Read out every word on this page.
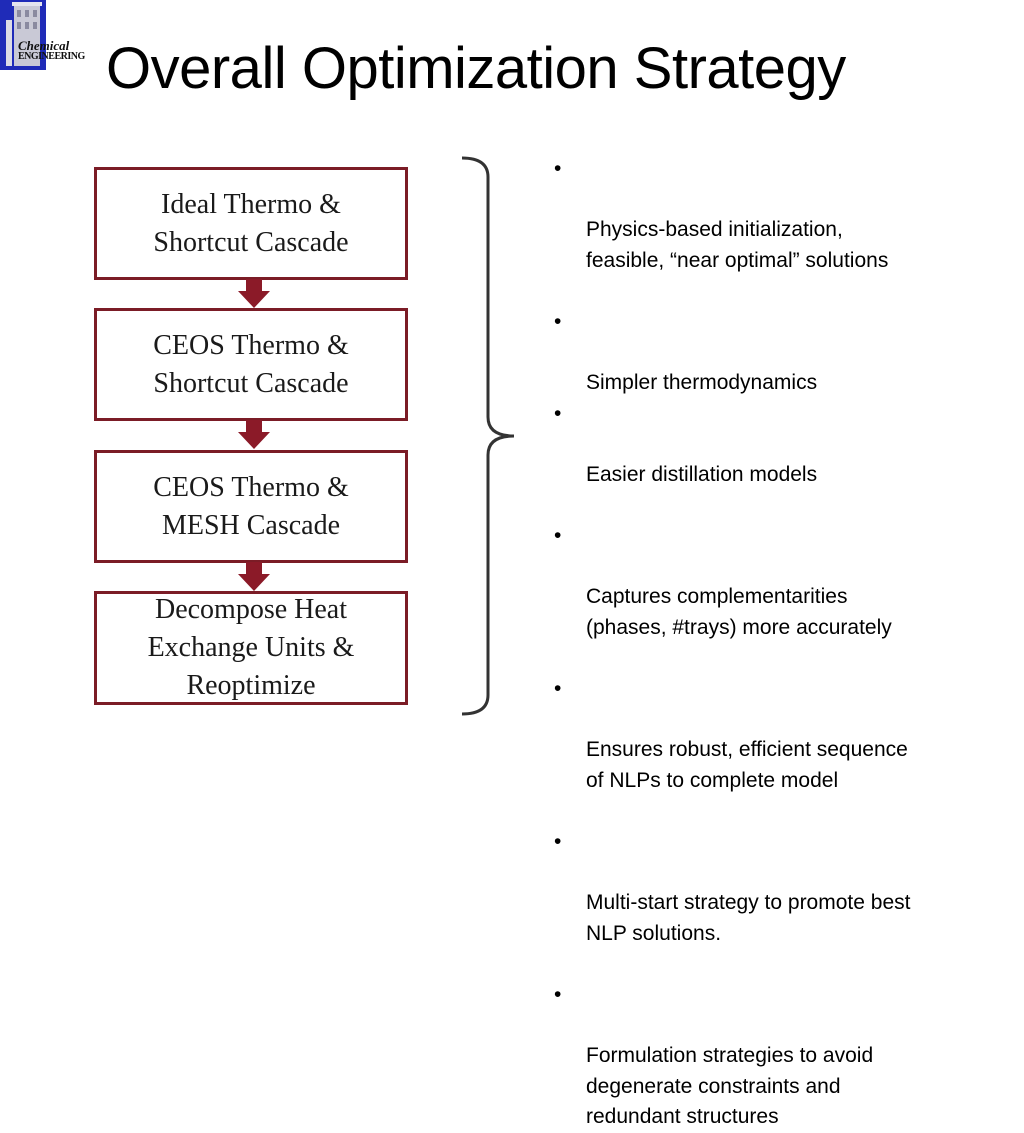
Chemical
ENGINEERING Overall Optimization Strategy
Ideal Thermo &
Shortcut Cascade
CEOS Thermo &
Shortcut Cascade
CEOS Thermo &
MESH Cascade
Decompose Heat
Exchange Units &
Reoptimize

•

Physics-based initialization,
feasible, “near optimal” solutions

•

Simpler thermodynamics

•

Easier distillation models

•

Captures complementarities
(phases, #trays) more accurately

•

Ensures robust, efficient sequence
of NLPs to complete model

•

Multi-start strategy to promote best
NLP solutions.

•

Formulation strategies to avoid
degenerate constraints and
redundant structures
